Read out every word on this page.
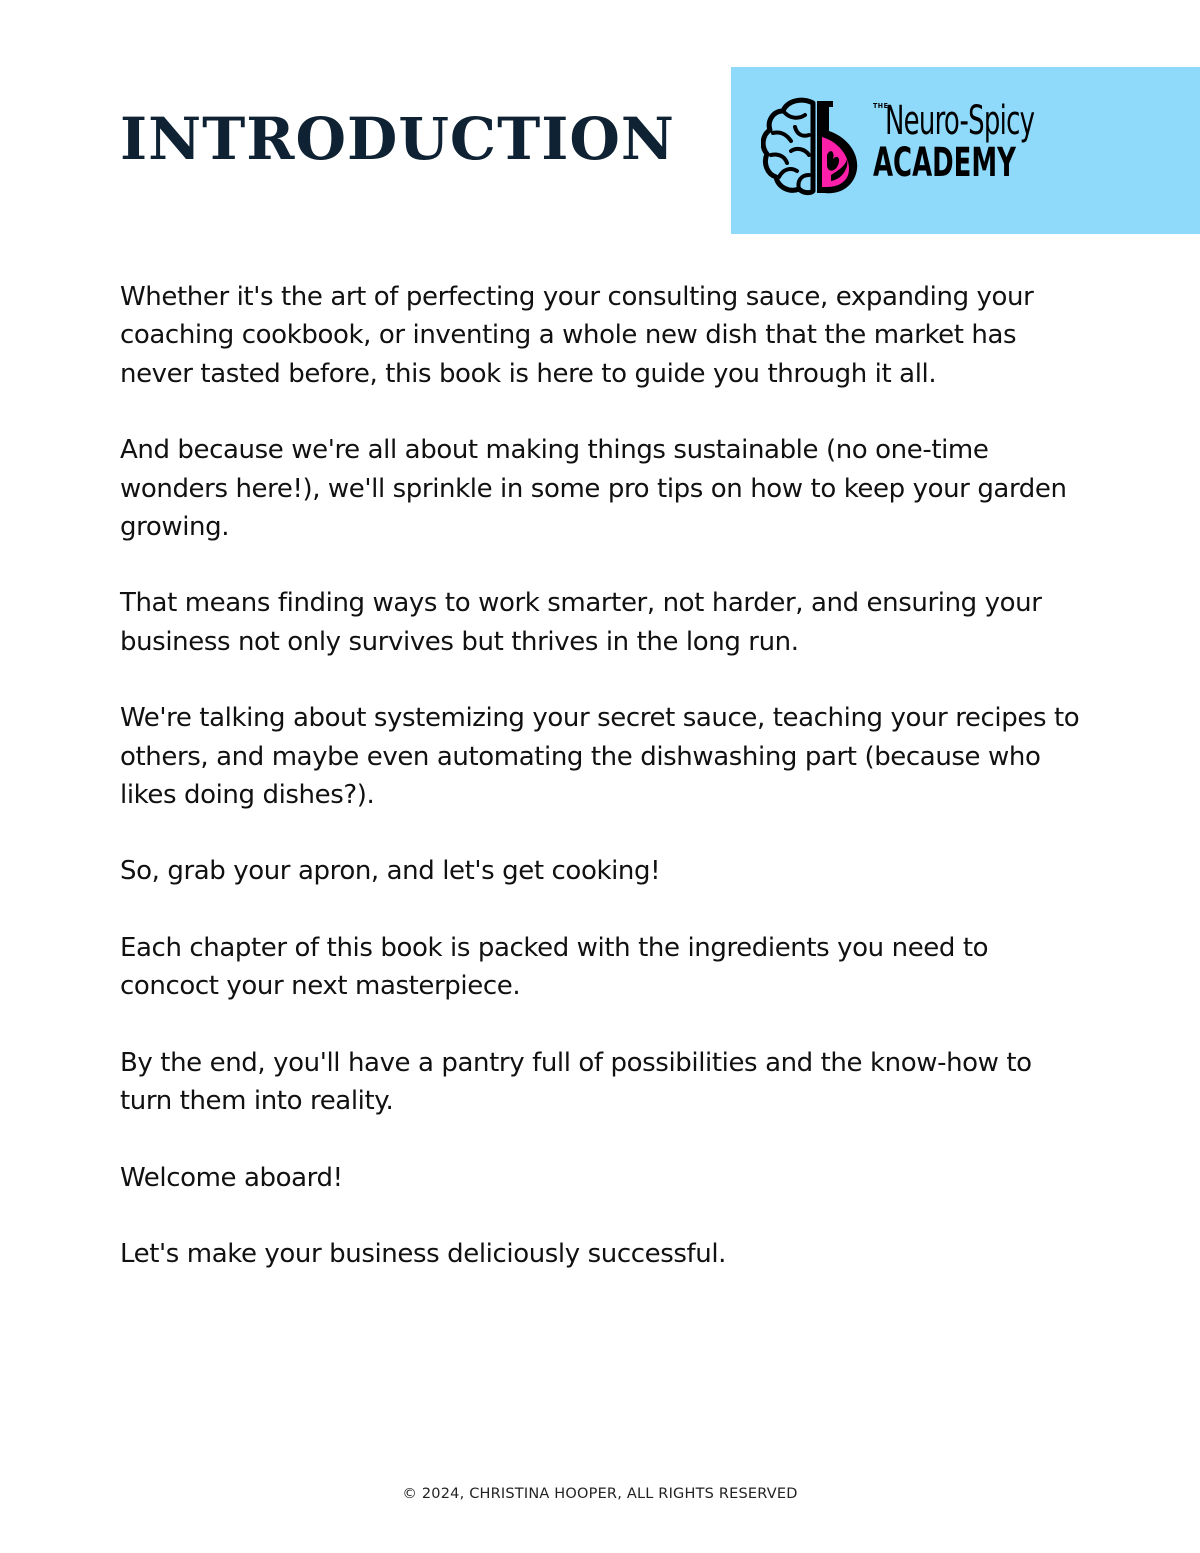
INTRODUCTION	THE
Neuro-Spicy
ACADEMY

Whether it's the art of perfecting your consulting sauce, expanding your coaching cookbook, or inventing a whole new dish that the market has never tasted before, this book is here to guide you through it all.

And because we're all about making things sustainable (no one-time wonders here!), we'll sprinkle in some pro tips on how to keep your garden growing.

That means finding ways to work smarter, not harder, and ensuring your business not only survives but thrives in the long run.

We're talking about systemizing your secret sauce, teaching your recipes to others, and maybe even automating the dishwashing part (because who likes doing dishes?).

So, grab your apron, and let's get cooking!

Each chapter of this book is packed with the ingredients you need to concoct your next masterpiece.

By the end, you'll have a pantry full of possibilities and the know-how to turn them into reality.

Welcome aboard!

Let's make your business deliciously successful.

© 2024, CHRISTINA HOOPER, ALL RIGHTS RESERVED
